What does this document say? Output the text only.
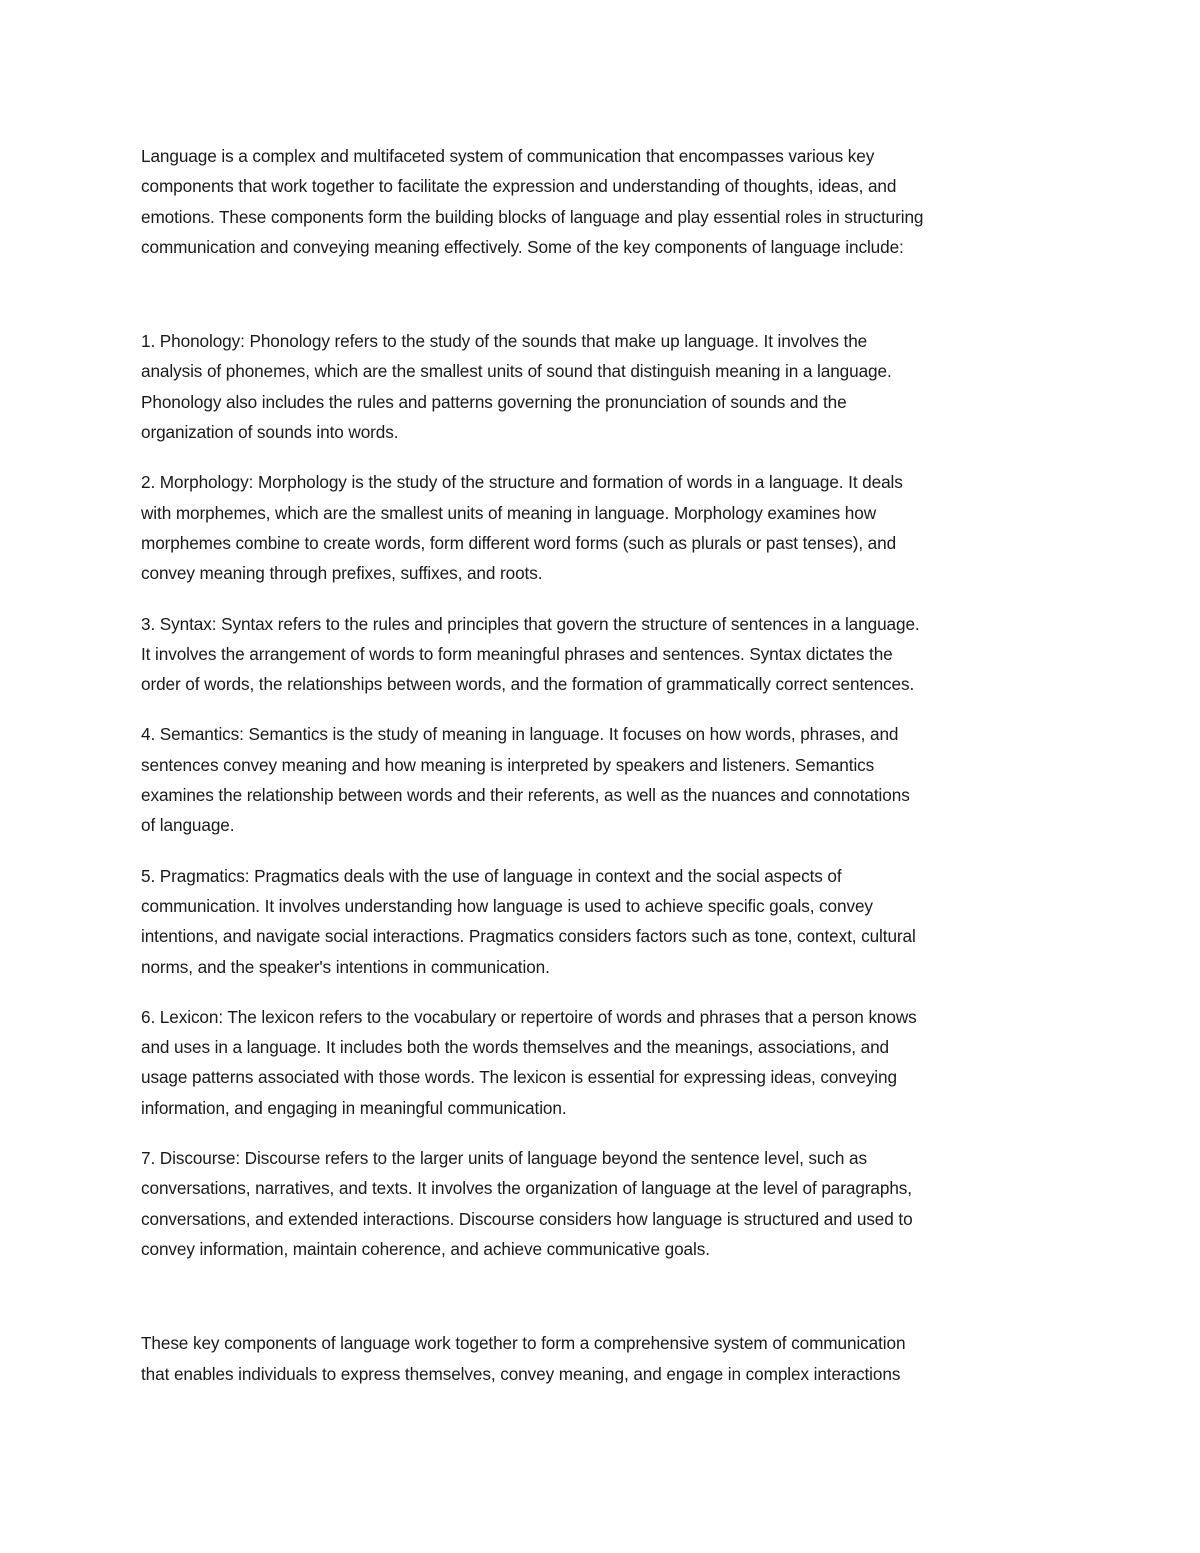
Language is a complex and multifaceted system of communication that encompasses various key
components that work together to facilitate the expression and understanding of thoughts, ideas, and
emotions. These components form the building blocks of language and play essential roles in structuring
communication and conveying meaning effectively. Some of the key components of language include:

1. Phonology: Phonology refers to the study of the sounds that make up language. It involves the
analysis of phonemes, which are the smallest units of sound that distinguish meaning in a language.
Phonology also includes the rules and patterns governing the pronunciation of sounds and the
organization of sounds into words.

2. Morphology: Morphology is the study of the structure and formation of words in a language. It deals
with morphemes, which are the smallest units of meaning in language. Morphology examines how
morphemes combine to create words, form different word forms (such as plurals or past tenses), and
convey meaning through prefixes, suffixes, and roots.

3. Syntax: Syntax refers to the rules and principles that govern the structure of sentences in a language.
It involves the arrangement of words to form meaningful phrases and sentences. Syntax dictates the
order of words, the relationships between words, and the formation of grammatically correct sentences.

4. Semantics: Semantics is the study of meaning in language. It focuses on how words, phrases, and
sentences convey meaning and how meaning is interpreted by speakers and listeners. Semantics
examines the relationship between words and their referents, as well as the nuances and connotations
of language.

5. Pragmatics: Pragmatics deals with the use of language in context and the social aspects of
communication. It involves understanding how language is used to achieve specific goals, convey
intentions, and navigate social interactions. Pragmatics considers factors such as tone, context, cultural
norms, and the speaker's intentions in communication.

6. Lexicon: The lexicon refers to the vocabulary or repertoire of words and phrases that a person knows
and uses in a language. It includes both the words themselves and the meanings, associations, and
usage patterns associated with those words. The lexicon is essential for expressing ideas, conveying
information, and engaging in meaningful communication.

7. Discourse: Discourse refers to the larger units of language beyond the sentence level, such as
conversations, narratives, and texts. It involves the organization of language at the level of paragraphs,
conversations, and extended interactions. Discourse considers how language is structured and used to
convey information, maintain coherence, and achieve communicative goals.

These key components of language work together to form a comprehensive system of communication
that enables individuals to express themselves, convey meaning, and engage in complex interactions
